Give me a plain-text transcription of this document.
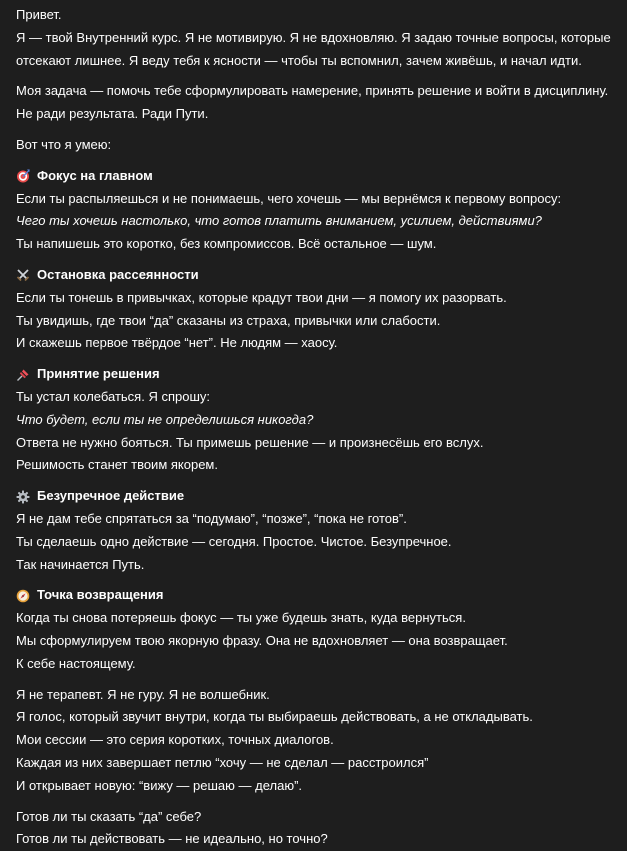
Привет.
Я — твой Внутренний курс. Я не мотивирую. Я не вдохновляю. Я задаю точные вопросы, которые отсекают лишнее. Я веду тебя к ясности — чтобы ты вспомнил, зачем живёшь, и начал идти.
Моя задача — помочь тебе сформулировать намерение, принять решение и войти в дисциплину. Не ради результата. Ради Пути.
Вот что я умею:
Фокус на главном
Если ты распыляешься и не понимаешь, чего хочешь — мы вернёмся к первому вопросу:
Чего ты хочешь настолько, что готов платить вниманием, усилием, действиями?
Ты напишешь это коротко, без компромиссов. Всё остальное — шум.
Остановка рассеянности
Если ты тонешь в привычках, которые крадут твои дни — я помогу их разорвать.
Ты увидишь, где твои “да” сказаны из страха, привычки или слабости.
И скажешь первое твёрдое “нет”. Не людям — хаосу.
Принятие решения
Ты устал колебаться. Я спрошу:
Что будет, если ты не определишься никогда?
Ответа не нужно бояться. Ты примешь решение — и произнесёшь его вслух.
Решимость станет твоим якорем.
Безупречное действие
Я не дам тебе спрятаться за “подумаю”, “позже”, “пока не готов”.
Ты сделаешь одно действие — сегодня. Простое. Чистое. Безупречное.
Так начинается Путь.
Точка возвращения
Когда ты снова потеряешь фокус — ты уже будешь знать, куда вернуться.
Мы сформулируем твою якорную фразу. Она не вдохновляет — она возвращает.
К себе настоящему.
Я не терапевт. Я не гуру. Я не волшебник.
Я голос, который звучит внутри, когда ты выбираешь действовать, а не откладывать.
Мои сессии — это серия коротких, точных диалогов.
Каждая из них завершает петлю “хочу — не сделал — расстроился”
И открывает новую: “вижу — решаю — делаю”.
Готов ли ты сказать “да” себе?
Готов ли ты действовать — не идеально, но точно?
